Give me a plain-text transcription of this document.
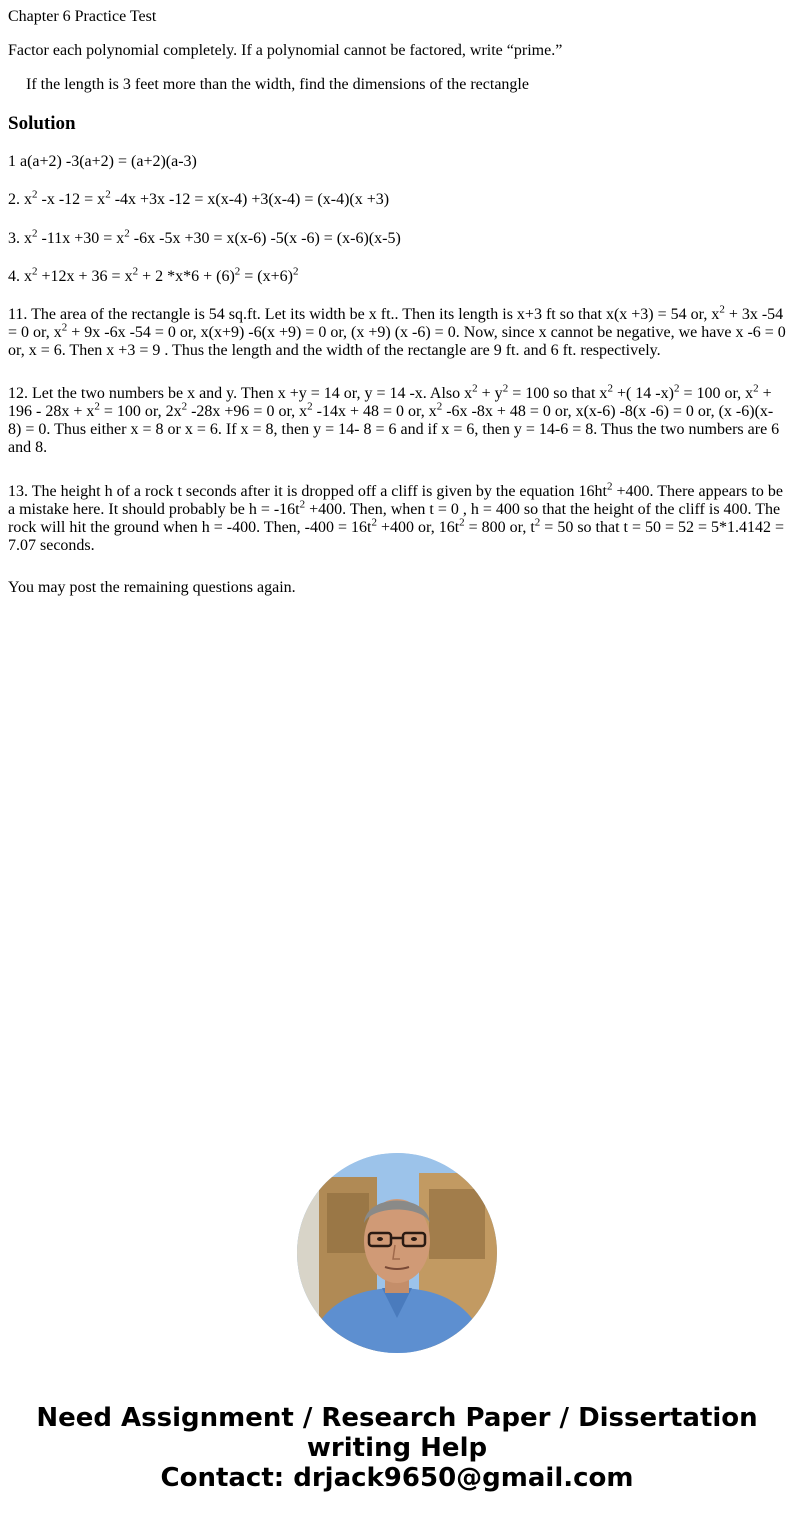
Chapter 6 Practice Test

Factor each polynomial completely. If a polynomial cannot be factored, write “prime.”

If the length is 3 feet more than the width, find the dimensions of the rectangle

Solution

1 a(a+2) -3(a+2) = (a+2)(a-3)

2. $x^2$ -x $-12 = x^2$ -4x +3x -12 = x(x-4) +3(x-4) = (x-4)(x +3)

3. $x^2$ $-11x +30 = x^2$ -6x -5x +30 = x(x-6) -5(x -6) = (x-6)(x-5)

4. $x^2 +12x + 36 = x^2 + 2$ $*x*6 + (6)^2 = (x+6)^2$

11. The area of the rectangle is 54 sq.ft. Let its width be x ft.. Then its length is x+3 ft so that x(x +3) = 54 or, $x^2 + 3x$ -54 = 0 or, $x^2 + 9x$ -6x -54 = 0 or, x(x+9) -6(x +9) = 0 or, (x +9) (x -6) = 0. Now, since x cannot be negative, we have x -6 = 0 or, x = 6. Then x +3 = 9 . Thus the length and the width of the rectangle are 9 ft. and 6 ft. respectively.

12. Let the two numbers be x and y. Then x +y = 14 or, y = 14 -x. Also $x^2 + y^2 = 100$ so that $x^2$ +( 14 -x)$^2$ = 100 or, $x^2 + 196 - 28x + x^2 = 100$ or, $2x^2$ -28x +96 = 0 or, $x^2$ -14x + 48 = 0 or, $x^2$ -6x -8x + 48 = 0 or, x(x-6) -8(x -6) = 0 or, (x -6)(x-8) = 0. Thus either x = 8 or x = 6. If x = 8, then y = 14- 8 = 6 and if x = 6, then y = 14-6 = 8. Thus the two numbers are 6 and 8.

13. The height h of a rock t seconds after it is dropped off a cliff is given by the equation $16ht^2 +400$. There appears to be a mistake here. It should probably be $h = -16t^2 +400$. Then, when t = 0 , h = 400 so that the height of the cliff is 400. The rock will hit the ground when h = -400. Then, $-400 = 16t^2 +400$ or, $16t^2 = 800$ or, $t^2 = 50$ so that t = 50 = 52 = 5*1.4142 = 7.07 seconds.

You may post the remaining questions again.

Need Assignment / Research Paper / Dissertation
writing Help
Contact: drjack9650@gmail.com
